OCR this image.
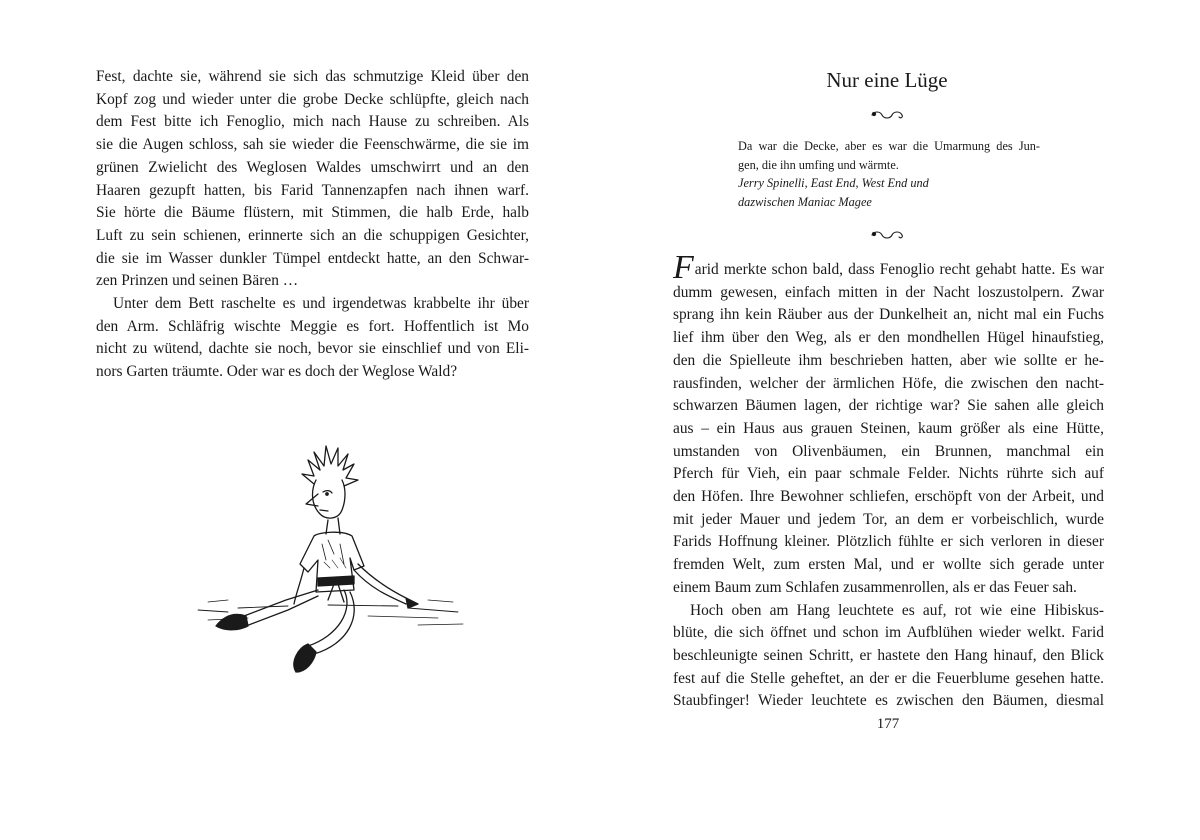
Fest, dachte sie, während sie sich das schmutzige Kleid über den
Kopf zog und wieder unter die grobe Decke schlüpfte, gleich nach
dem Fest bitte ich Fenoglio, mich nach Hause zu schreiben. Als
sie die Augen schloss, sah sie wieder die Feenschwärme, die sie im
grünen Zwielicht des Weglosen Waldes umschwirrt und an den
Haaren gezupft hatten, bis Farid Tannenzapfen nach ihnen warf.
Sie hörte die Bäume flüstern, mit Stimmen, die halb Erde, halb
Luft zu sein schienen, erinnerte sich an die schuppigen Gesichter,
die sie im Wasser dunkler Tümpel entdeckt hatte, an den Schwar-
zen Prinzen und seinen Bären …
Unter dem Bett raschelte es und irgendetwas krabbelte ihr über
den Arm. Schläfrig wischte Meggie es fort. Hoffentlich ist Mo
nicht zu wütend, dachte sie noch, bevor sie einschlief und von Eli-
nors Garten träumte. Oder war es doch der Weglose Wald?
Nur eine Lüge
Da war die Decke, aber es war die Umarmung des Jun-
gen, die ihn umfing und wärmte.
Jerry Spinelli, East End, West End und
dazwischen Maniac Magee
Farid merkte schon bald, dass Fenoglio recht gehabt hatte. Es war
dumm gewesen, einfach mitten in der Nacht loszustolpern. Zwar
sprang ihn kein Räuber aus der Dunkelheit an, nicht mal ein Fuchs
lief ihm über den Weg, als er den mondhellen Hügel hinaufstieg,
den die Spielleute ihm beschrieben hatten, aber wie sollte er he-
rausfinden, welcher der ärmlichen Höfe, die zwischen den nacht-
schwarzen Bäumen lagen, der richtige war? Sie sahen alle gleich
aus – ein Haus aus grauen Steinen, kaum größer als eine Hütte,
umstanden von Olivenbäumen, ein Brunnen, manchmal ein
Pferch für Vieh, ein paar schmale Felder. Nichts rührte sich auf
den Höfen. Ihre Bewohner schliefen, erschöpft von der Arbeit, und
mit jeder Mauer und jedem Tor, an dem er vorbeischlich, wurde
Farids Hoffnung kleiner. Plötzlich fühlte er sich verloren in dieser
fremden Welt, zum ersten Mal, und er wollte sich gerade unter
einem Baum zum Schlafen zusammenrollen, als er das Feuer sah.
Hoch oben am Hang leuchtete es auf, rot wie eine Hibiskus-
blüte, die sich öffnet und schon im Aufblühen wieder welkt. Farid
beschleunigte seinen Schritt, er hastete den Hang hinauf, den Blick
fest auf die Stelle geheftet, an der er die Feuerblume gesehen hatte.
Staubfinger! Wieder leuchtete es zwischen den Bäumen, diesmal
177
